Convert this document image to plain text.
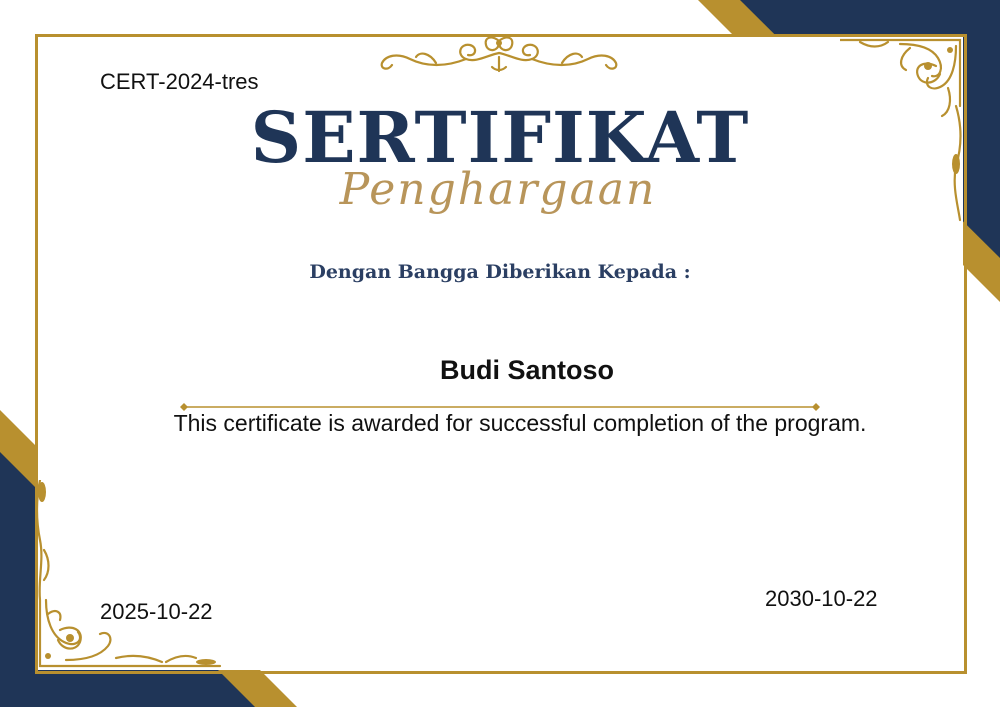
CERT-2024-tres
SERTIFIKAT
Penghargaan
Dengan Bangga Diberikan Kepada :
Budi Santoso
This certificate is awarded for successful completion of the program.
2025-10-22
2030-10-22
